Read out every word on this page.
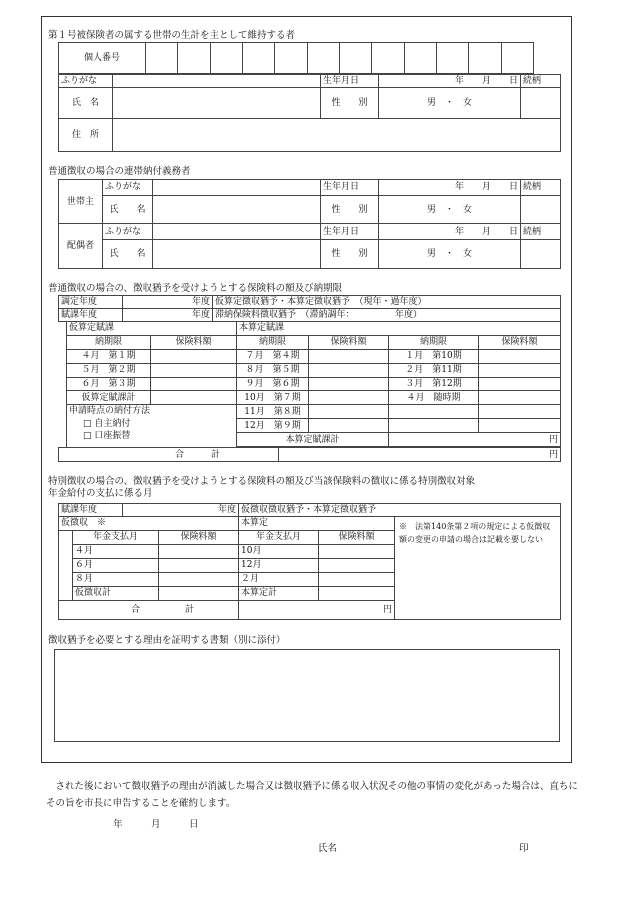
第１号被保険者の属する世帯の生計を主として維持する者
個人番号												
ふりがな		生年月日	年　　月　　日	続柄
氏　名		性　　別	男　・　女	
住　所				
普通徴収の場合の連帯納付義務者
世帯主	ふりがな		生年月日	年　　月　　日	続柄
	氏　　名		性　　別	男　・　女	
配偶者	ふりがな		生年月日	年　　月　　日	続柄
	氏　　名		性　　別	男　・　女	
普通徴収の場合の、徴収猶予を受けようとする保険料の額及び納期限
調定年度	年度	仮算定徴収猶予・本算定徴収猶予　（現年・過年度）
賦課年度	年度	滞納保険料徴収猶予　（滞納調年：　　　　　年度）
仮算定賦課		本算定賦課			
納期限	保険料額	納期限	保険料額	納期限	保険料額
４月　第１期		７月　第４期		１月　第10期	
５月　第２期		８月　第５期		２月　第11期	
６月　第３期		９月　第６期		３月　第12期	
仮算定賦課計		10月　第７期		４月　随時期	

申請時点の納付方法
□ 自主納付
□ 口座振替		11月　第８期			
		12月　第９期			
		本算定賦課計		円	
合　　　計	円
特別徴収の場合の、徴収猶予を受けようとする保険料の額及び当該保険料の徴収に係る特別徴収対象
年金給付の支払に係る月
賦課年度	年度	仮徴収徴収猶予・本算定徴収猶予
仮徴収　※			本算定		※　法第140条第２項の規定による仮徴収額の変更の申請の場合は記載を要しない
	年金支払月	保険料額	年金支払月	保険料額	
	４月		10月		
	６月		12月		
	８月		２月		
	仮徴収計		本算定計		
合　　　　　計			円		
徴収猶予を必要とする理由を証明する書類（別に添付）
　された後において徴収猶予の理由が消滅した場合又は徴収猶予に係る収入状況その他の事情の変化があった場合は、直ちにその旨を市長に申告することを確約します。
年　　　月　　　日
氏名	印
